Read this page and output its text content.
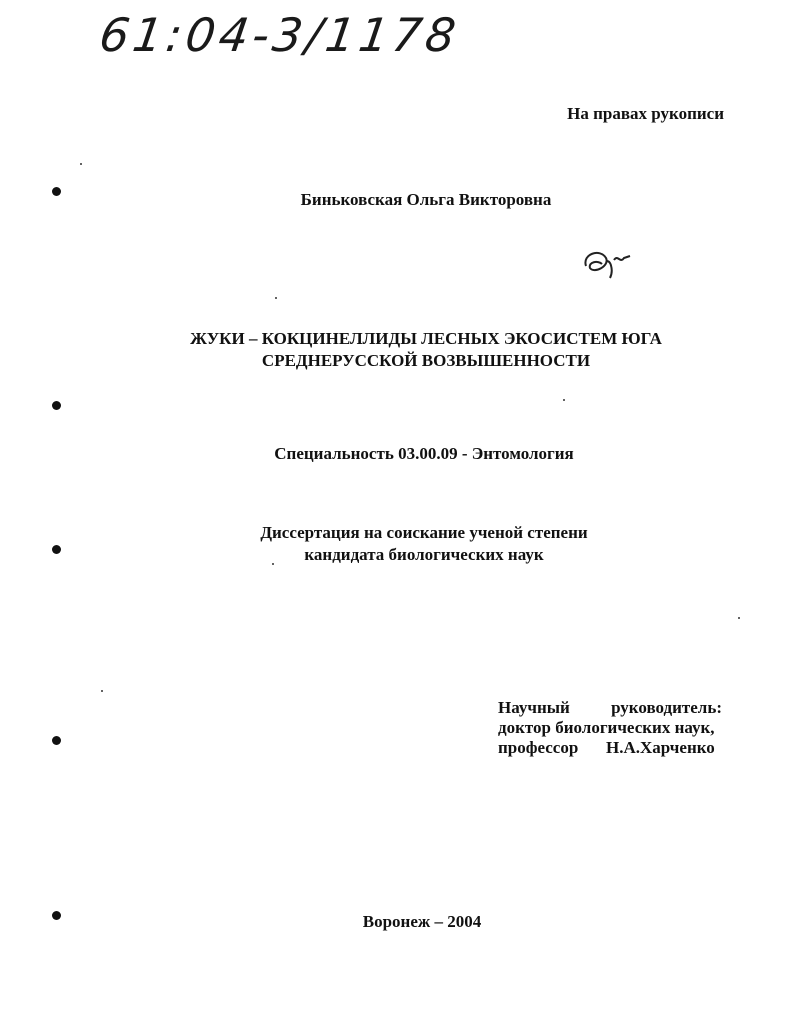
61:04-3/1178
На правах рукописи
Биньковская Ольга Викторовна
ЖУКИ – КОКЦИНЕЛЛИДЫ ЛЕСНЫХ ЭКОСИСТЕМ ЮГА
СРЕДНЕРУССКОЙ ВОЗВЫШЕННОСТИ
Специальность 03.00.09 - Энтомология
Диссертация на соискание ученой степени
кандидата биологических наук
Научный руководитель:
доктор биологических наук,
профессор	Н.А.Харченко
Воронеж – 2004
